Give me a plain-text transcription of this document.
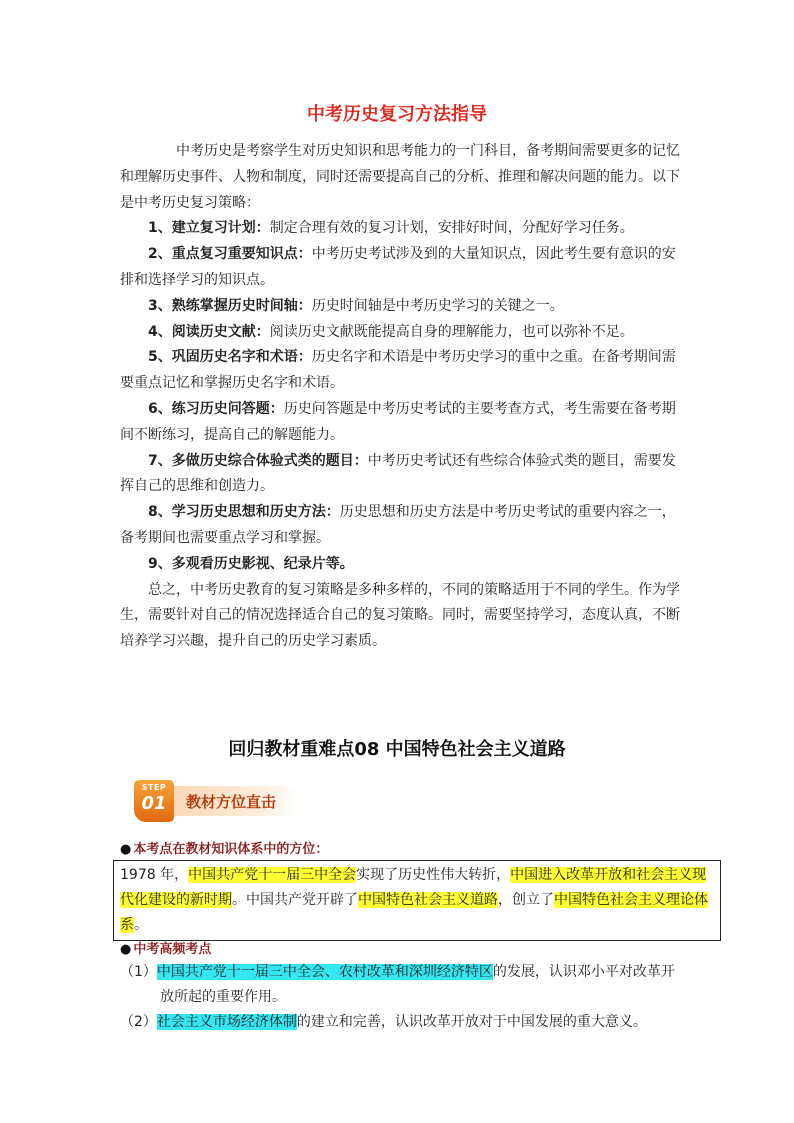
中考历史复习方法指导

中考历史是考察学生对历史知识和思考能力的一门科目，备考期间需要更多的记忆和理解历史事件、人物和制度，同时还需要提高自己的分析、推理和解决问题的能力。以下是中考历史复习策略：

1、建立复习计划：制定合理有效的复习计划，安排好时间，分配好学习任务。

2、重点复习重要知识点：中考历史考试涉及到的大量知识点，因此考生要有意识的安排和选择学习的知识点。

3、熟练掌握历史时间轴：历史时间轴是中考历史学习的关键之一。

4、阅读历史文献：阅读历史文献既能提高自身的理解能力，也可以弥补不足。

5、巩固历史名字和术语：历史名字和术语是中考历史学习的重中之重。在备考期间需要重点记忆和掌握历史名字和术语。

6、练习历史问答题：历史问答题是中考历史考试的主要考查方式，考生需要在备考期间不断练习，提高自己的解题能力。

7、多做历史综合体验式类的题目：中考历史考试还有些综合体验式类的题目，需要发挥自己的思维和创造力。

8、学习历史思想和历史方法：历史思想和历史方法是中考历史考试的重要内容之一，备考期间也需要重点学习和掌握。

9、多观看历史影视、纪录片等。

总之，中考历史教育的复习策略是多种多样的，不同的策略适用于不同的学生。作为学生，需要针对自己的情况选择适合自己的复习策略。同时，需要坚持学习，态度认真，不断培养学习兴趣，提升自己的历史学习素质。

回归教材重难点08 中国特色社会主义道路
教材方位直击
STEP
01
● 本考点在教材知识体系中的方位：
1978 年，中国共产党十一届三中全会实现了历史性伟大转折，中国进入改革开放和社会主义现代化建设的新时期。中国共产党开辟了中国特色社会主义道路，创立了中国特色社会主义理论体系。
● 中考高频考点

（1）中国共产党十一届三中全会、农村改革和深圳经济特区的发展，认识邓小平对改革开

放所起的重要作用。

（2）社会主义市场经济体制的建立和完善，认识改革开放对于中国发展的重大意义。
